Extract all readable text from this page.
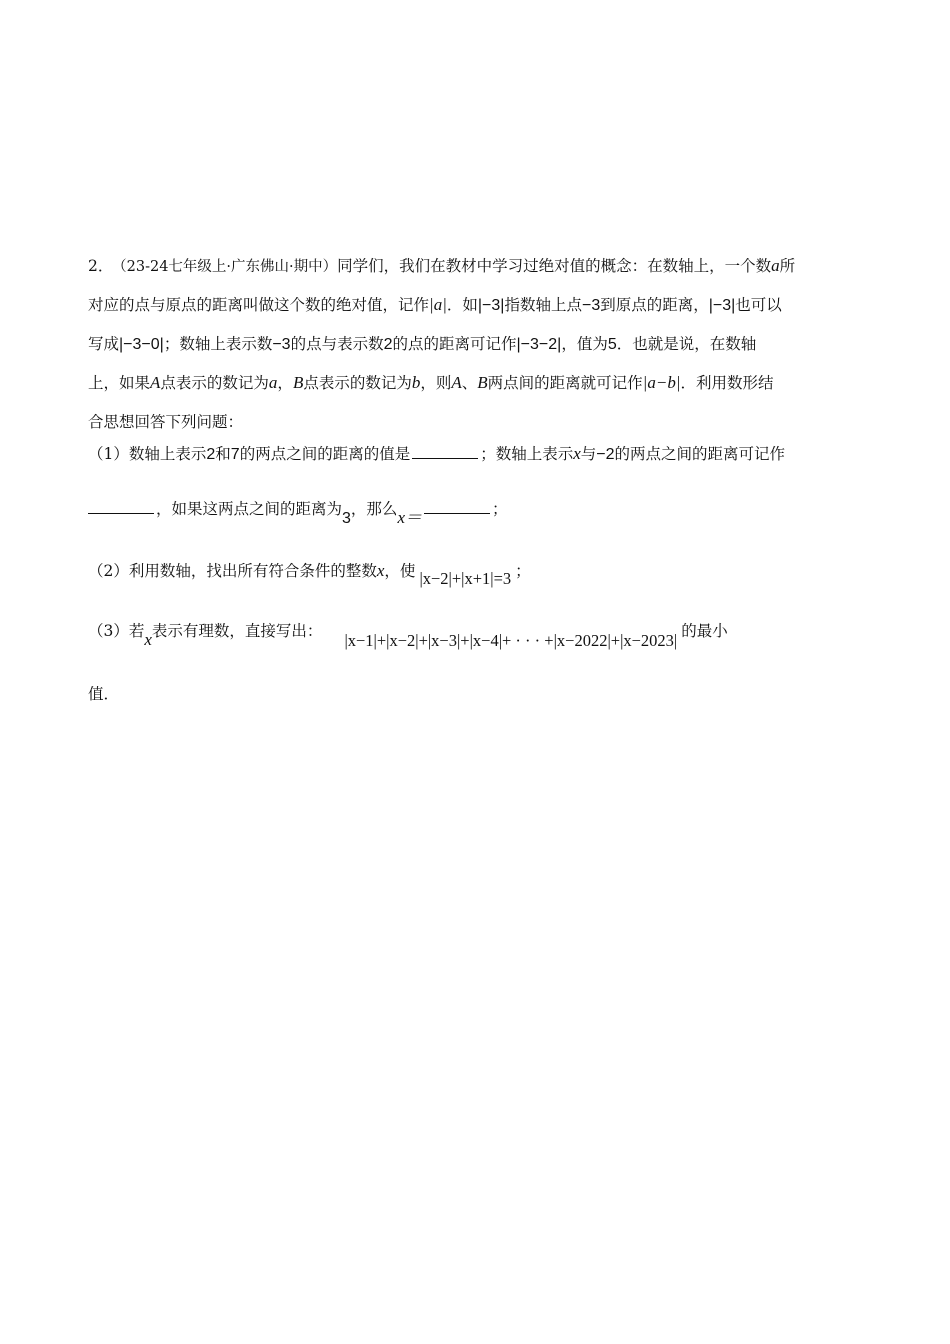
2． （23-24七年级上·广东佛山·期中）同学们，我们在教材中学习过绝对值的概念：在数轴上，一个数a所
对应的点与原点的距离叫做这个数的绝对值，记作|a|．如|−3|指数轴上点−3到原点的距离，|−3|也可以
写成|−3−0|；数轴上表示数−3的点与表示数2的点的距离可记作|−3−2|，值为5．也就是说，在数轴
上，如果A点表示的数记为a，B点表示的数记为b，则A、B两点间的距离就可记作|a−b|．利用数形结
合思想回答下列问题：
（1）数轴上表示2和7的两点之间的距离的值是	；数轴上表示x与−2的两点之间的距离可记作
，如果这两点之间的距离为3，那么x＝	；
（2）利用数轴，找出所有符合条件的整数x，使 |x−2|+|x+1|=3 ；
（3）若x表示有理数，直接写出： |x−1|+|x−2|+|x−3|+|x−4|+ · · · +|x−2022|+|x−2023| 的最小
值．
